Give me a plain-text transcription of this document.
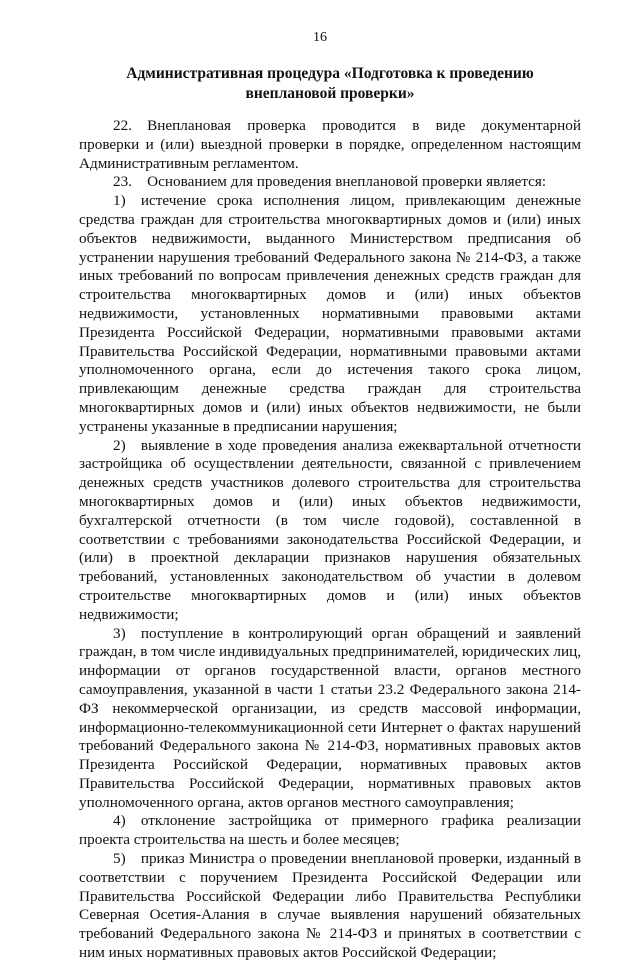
16
Административная процедура «Подготовка к проведению внеплановой проверки»

22. Внеплановая проверка проводится в виде документарной проверки и (или) выездной проверки в порядке, определенном настоящим Административным регламентом.

23. Основанием для проведения внеплановой проверки является:

1) истечение срока исполнения лицом, привлекающим денежные средства граждан для строительства многоквартирных домов и (или) иных объектов недвижимости, выданного Министерством предписания об устранении нарушения требований Федерального закона № 214-ФЗ, а также иных требований по вопросам привлечения денежных средств граждан для строительства многоквартирных домов и (или) иных объектов недвижимости, установленных нормативными правовыми актами Президента Российской Федерации, нормативными правовыми актами Правительства Российской Федерации, нормативными правовыми актами уполномоченного органа, если до истечения такого срока лицом, привлекающим денежные средства граждан для строительства многоквартирных домов и (или) иных объектов недвижимости, не были устранены указанные в предписании нарушения;

2) выявление в ходе проведения анализа ежеквартальной отчетности застройщика об осуществлении деятельности, связанной с привлечением денежных средств участников долевого строительства для строительства многоквартирных домов и (или) иных объектов недвижимости, бухгалтерской отчетности (в том числе годовой), составленной в соответствии с требованиями законодательства Российской Федерации, и (или) в проектной декларации признаков нарушения обязательных требований, установленных законодательством об участии в долевом строительстве многоквартирных домов и (или) иных объектов недвижимости;

3) поступление в контролирующий орган обращений и заявлений граждан, в том числе индивидуальных предпринимателей, юридических лиц, информации от органов государственной власти, органов местного самоуправления, указанной в части 1 статьи 23.2 Федерального закона 214-ФЗ некоммерческой организации, из средств массовой информации, информационно-телекоммуникационной сети Интернет о фактах нарушений требований Федерального закона № 214-ФЗ, нормативных правовых актов Президента Российской Федерации, нормативных правовых актов Правительства Российской Федерации, нормативных правовых актов уполномоченного органа, актов органов местного самоуправления;

4) отклонение застройщика от примерного графика реализации проекта строительства на шесть и более месяцев;

5) приказ Министра о проведении внеплановой проверки, изданный в соответствии с поручением Президента Российской Федерации или Правительства Российской Федерации либо Правительства Республики Северная Осетия-Алания в случае выявления нарушений обязательных требований Федерального закона № 214-ФЗ и принятых в соответствии с ним иных нормативных правовых актов Российской Федерации;
